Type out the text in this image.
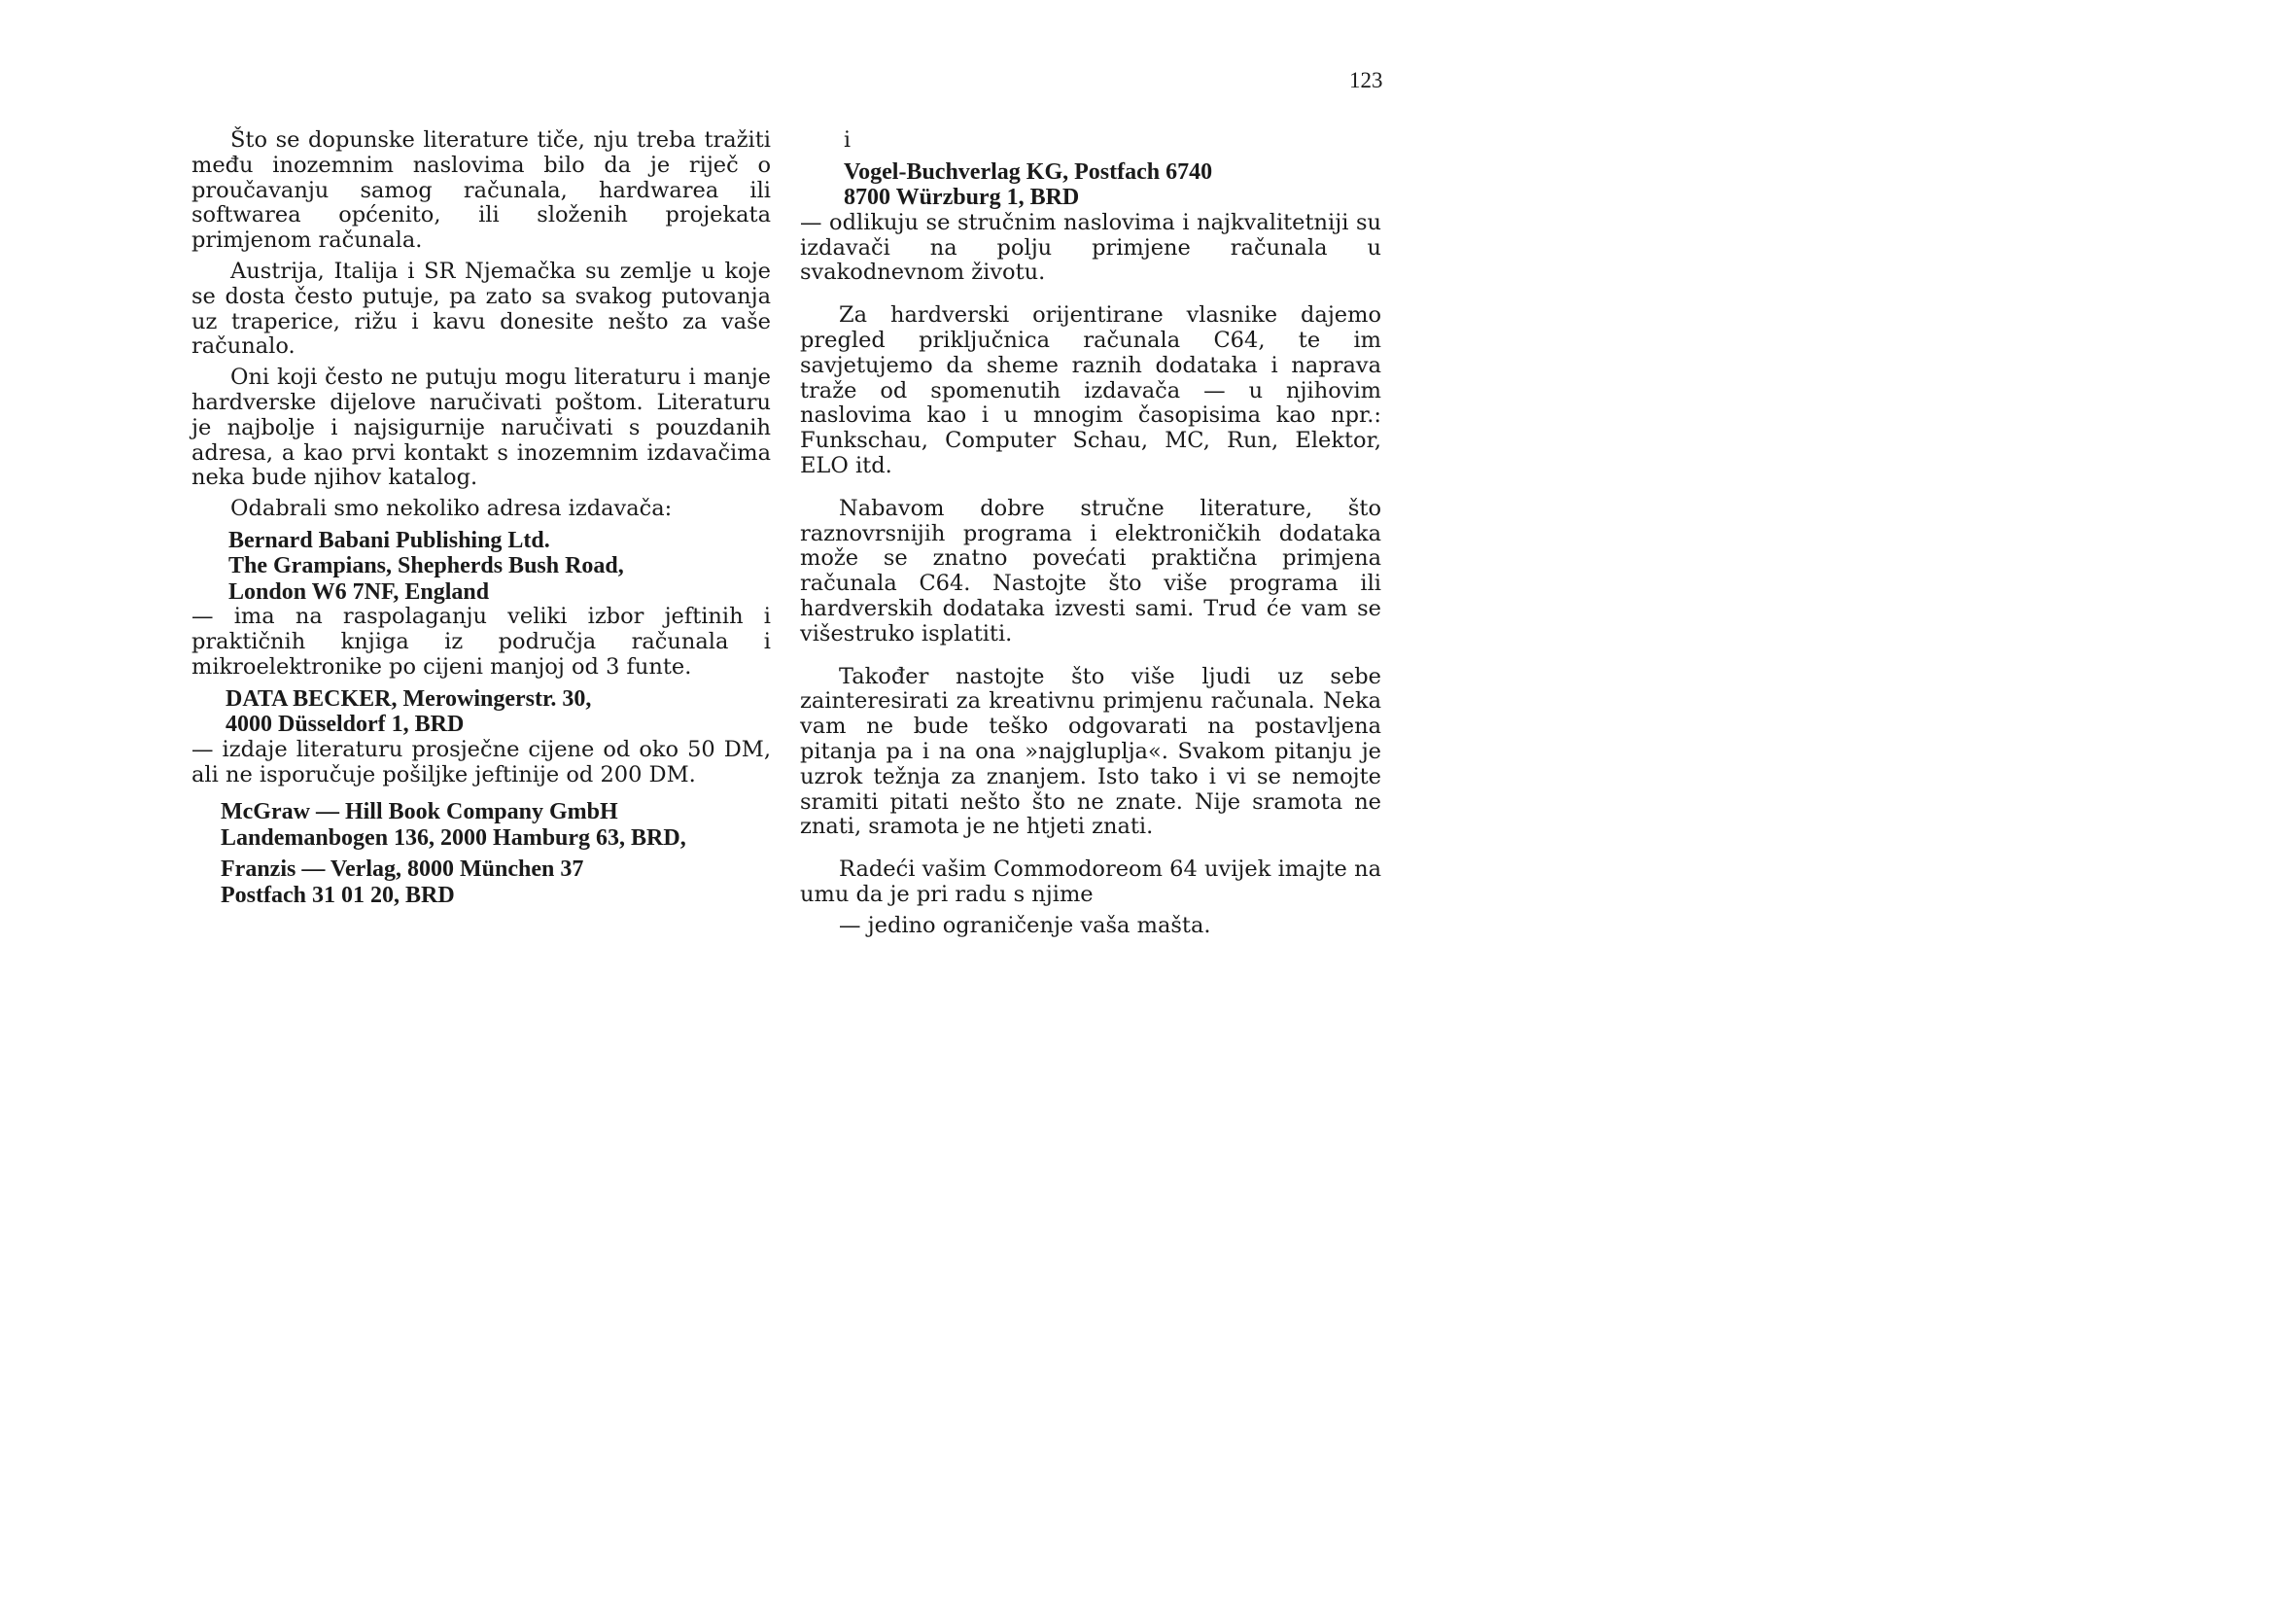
123

Što se dopunske literature tiče, nju treba tražiti među inozemnim naslovima bilo da je riječ o proučavanju samog računala, hardwarea ili softwarea općenito, ili složenih projekata primjenom računala.

Austrija, Italija i SR Njemačka su zemlje u koje se dosta često putuje, pa zato sa svakog putovanja uz traperice, rižu i kavu donesite nešto za vaše računalo.

Oni koji često ne putuju mogu literaturu i manje hardverske dijelove naručivati poštom. Literaturu je najbolje i najsigurnije naručivati s pouzdanih adresa, a kao prvi kontakt s inozemnim izdavačima neka bude njihov katalog.

Odabrali smo nekoliko adresa izdavača:

Bernard Babani Publishing Ltd.
The Grampians, Shepherds Bush Road,
London W6 7NF, England

— ima na raspolaganju veliki izbor jeftinih i praktičnih knjiga iz područja računala i mikroelektronike po cijeni manjoj od 3 funte.

DATA BECKER, Merowingerstr. 30,
4000 Düsseldorf 1, BRD

— izdaje literaturu prosječne cijene od oko 50 DM, ali ne isporučuje pošiljke jeftinije od 200 DM.

McGraw — Hill Book Company GmbH
Landemanbogen 136, 2000 Hamburg 63, BRD,
Franzis — Verlag, 8000 München 37
Postfach 31 01 20, BRD

i

Vogel-Buchverlag KG, Postfach 6740
8700 Würzburg 1, BRD

— odlikuju se stručnim naslovima i najkvalitetniji su izdavači na polju primjene računala u svakodnevnom životu.

Za hardverski orijentirane vlasnike dajemo pregled priključnica računala C64, te im savjetujemo da sheme raznih dodataka i naprava traže od spomenutih izdavača — u njihovim naslovima kao i u mnogim časopisima kao npr.: Funkschau, Computer Schau, MC, Run, Elektor, ELO itd.

Nabavom dobre stručne literature, što raznovrsnijih programa i elektroničkih dodataka može se znatno povećati praktična primjena računala C64. Nastojte što više programa ili hardverskih dodataka izvesti sami. Trud će vam se višestruko isplatiti.

Također nastojte što više ljudi uz sebe zainteresirati za kreativnu primjenu računala. Neka vam ne bude teško odgovarati na postavljena pitanja pa i na ona »najgluplja«. Svakom pitanju je uzrok težnja za znanjem. Isto tako i vi se nemojte sramiti pitati nešto što ne znate. Nije sramota ne znati, sramota je ne htjeti znati.

Radeći vašim Commodoreom 64 uvijek imajte na umu da je pri radu s njime

— jedino ograničenje vaša mašta.
